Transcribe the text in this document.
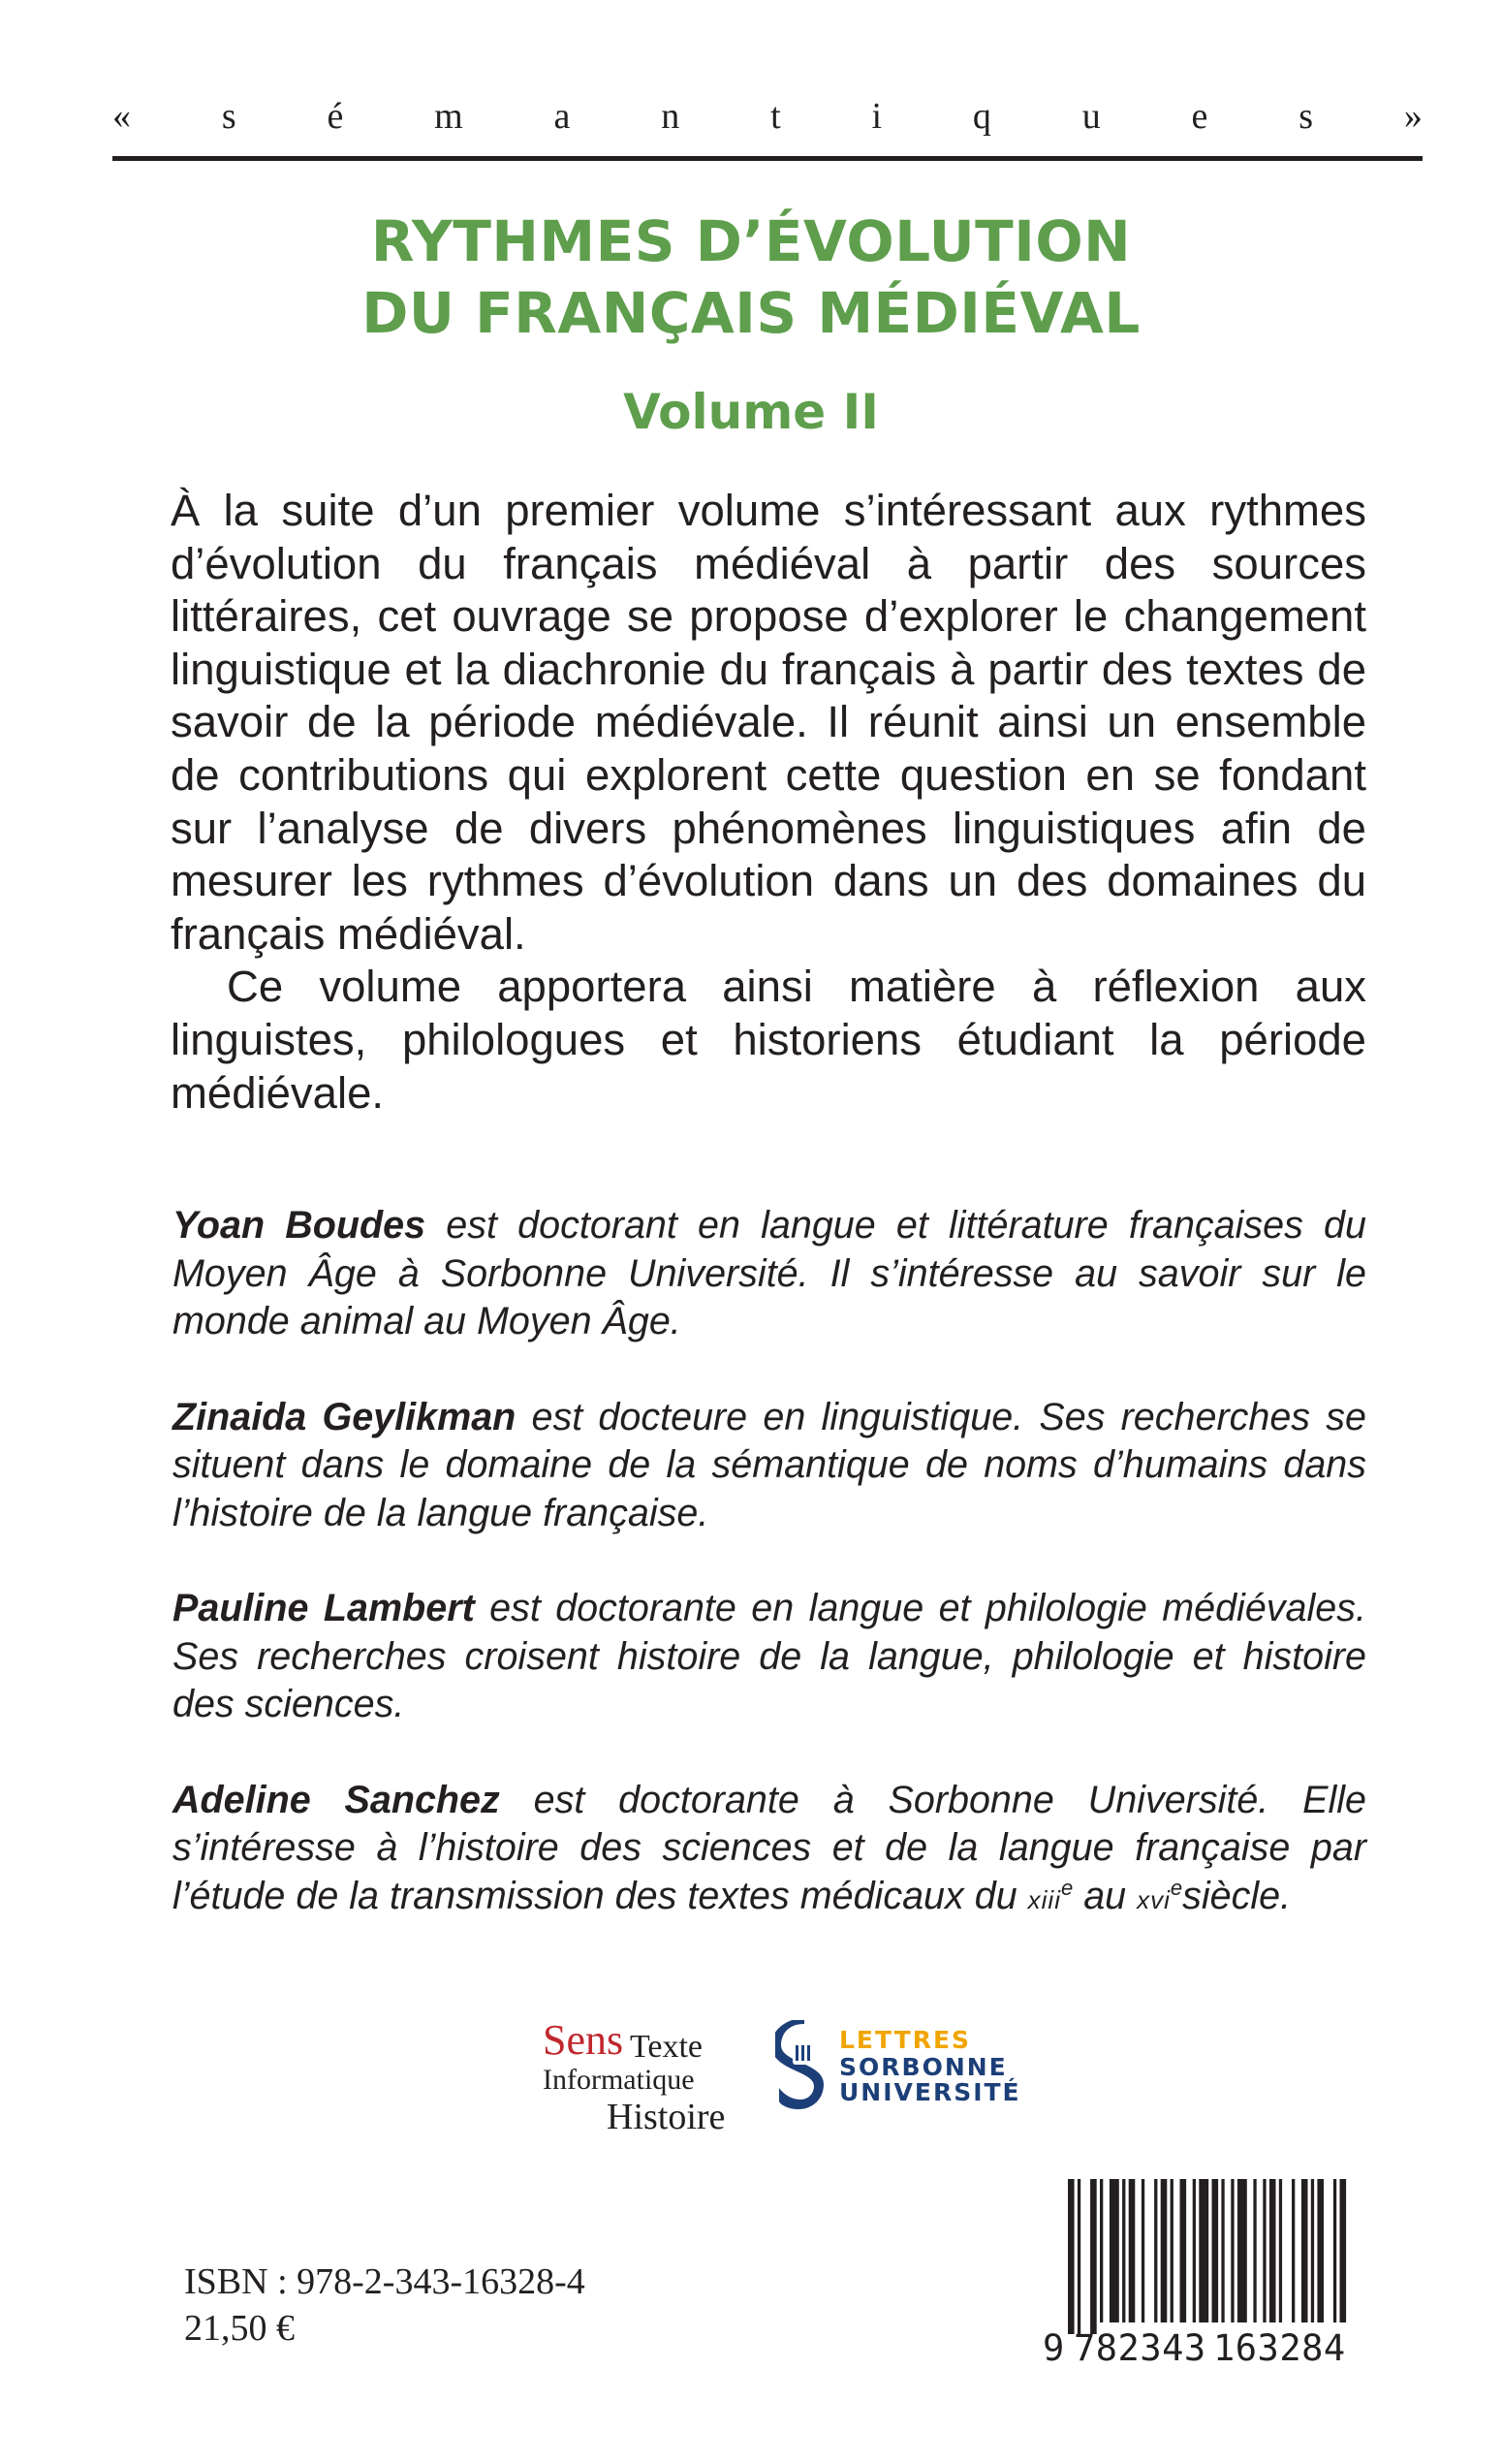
« s é m a n t i q u e s »
RYTHMES D’ÉVOLUTION
DU FRANÇAIS MÉDIÉVAL
Volume II

À la suite d’un premier volume s’intéressant aux rythmes d’évolution du français médiéval à partir des sources littéraires, cet ouvrage se propose d’explorer le changement linguistique et la diachronie du français à partir des textes de savoir de la période médiévale. Il réunit ainsi un ensemble de contributions qui explorent cette question en se fondant sur l’analyse de divers phénomènes linguistiques afin de mesurer les rythmes d’évolution dans un des domaines du français médiéval.

Ce volume apportera ainsi matière à réflexion aux linguistes, philologues et historiens étudiant la période médiévale.

Yoan Boudes est doctorant en langue et littérature françaises du Moyen Âge à Sorbonne Université. Il s’intéresse au savoir sur le monde animal au Moyen Âge.

Zinaida Geylikman est docteure en linguistique. Ses recherches se situent dans le domaine de la sémantique de noms d’humains dans l’histoire de la langue française.

Pauline Lambert est doctorante en langue et philologie médiévales. Ses recherches croisent histoire de la langue, philologie et histoire des sciences.

Adeline Sanchez est doctorante à Sorbonne Université. Elle s’intéresse à l’histoire des sciences et de la langue française par l’étude de la transmission des textes médicaux du xiii$^e$ au xvi$^e$siècle.

Sens Texte
Informatique
Histoire
LETTRES
SORBONNE
UNIVERSITÉ
ISBN : 978-2-343-16328-4
21,50 €	9 782343 163284
